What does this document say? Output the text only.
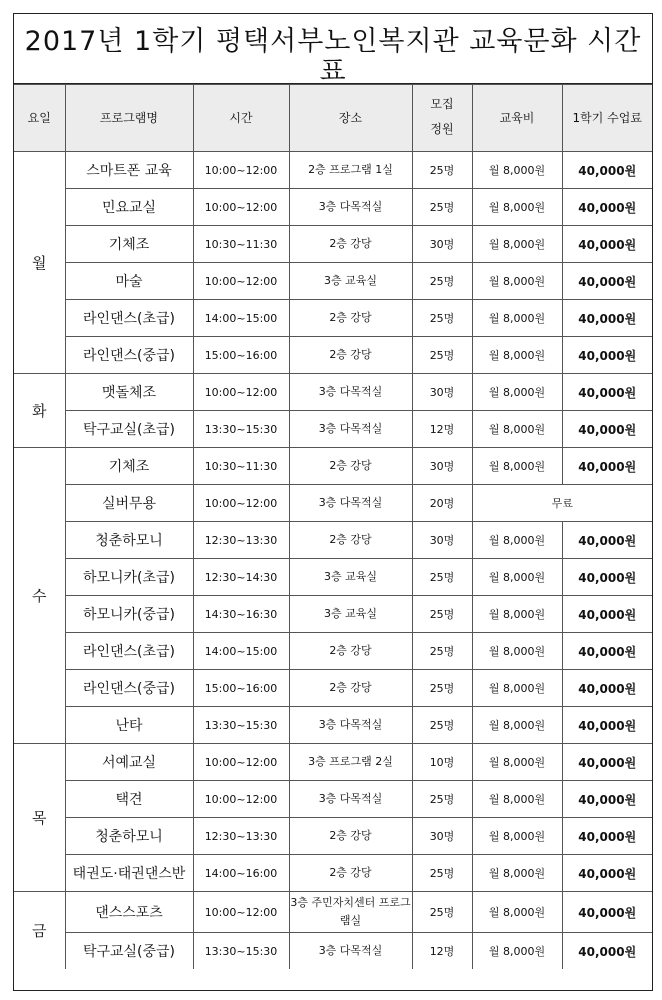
2017년 1학기 평택서부노인복지관 교육문화 시간표
요일	프로그램명	시간	장소	모집 정원	교육비	1학기 수업료
월	스마트폰 교육	10:00~12:00	2층 프로그램 1실	25명	월 8,000원	40,000원
	민요교실	10:00~12:00	3층 다목적실	25명	월 8,000원	40,000원
	기체조	10:30~11:30	2층 강당	30명	월 8,000원	40,000원
	마술	10:00~12:00	3층 교육실	25명	월 8,000원	40,000원
	라인댄스(초급)	14:00~15:00	2층 강당	25명	월 8,000원	40,000원
	라인댄스(중급)	15:00~16:00	2층 강당	25명	월 8,000원	40,000원
화	맷돌체조	10:00~12:00	3층 다목적실	30명	월 8,000원	40,000원
	탁구교실(초급)	13:30~15:30	3층 다목적실	12명	월 8,000원	40,000원
수	기체조	10:30~11:30	2층 강당	30명	월 8,000원	40,000원
	실버무용	10:00~12:00	3층 다목적실	20명	무료	
	청춘하모니	12:30~13:30	2층 강당	30명	월 8,000원	40,000원
	하모니카(초급)	12:30~14:30	3층 교육실	25명	월 8,000원	40,000원
	하모니카(중급)	14:30~16:30	3층 교육실	25명	월 8,000원	40,000원
	라인댄스(초급)	14:00~15:00	2층 강당	25명	월 8,000원	40,000원
	라인댄스(중급)	15:00~16:00	2층 강당	25명	월 8,000원	40,000원
	난타	13:30~15:30	3층 다목적실	25명	월 8,000원	40,000원
목	서예교실	10:00~12:00	3층 프로그램 2실	10명	월 8,000원	40,000원
	택견	10:00~12:00	3층 다목적실	25명	월 8,000원	40,000원
	청춘하모니	12:30~13:30	2층 강당	30명	월 8,000원	40,000원
	태권도·태권댄스반	14:00~16:00	2층 강당	25명	월 8,000원	40,000원
금	댄스스포츠	10:00~12:00	3층 주민자치센터 프로그램실	25명	월 8,000원	40,000원
	탁구교실(중급)	13:30~15:30	3층 다목적실	12명	월 8,000원	40,000원
